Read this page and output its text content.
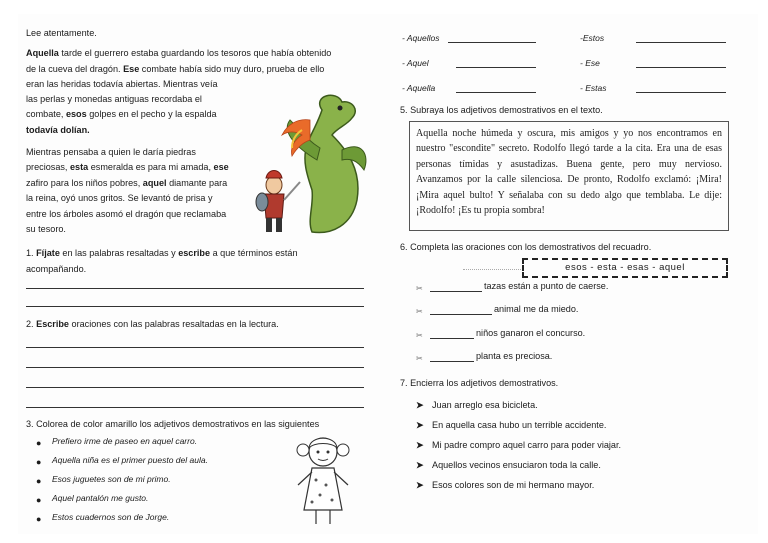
Lee atentamente.
Aquella tarde el guerrero estaba guardando los tesoros que había obtenido
de la cueva del dragón. Ese combate había sido muy duro, prueba de ello
eran las heridas todavía abiertas. Mientras veía
las perlas y monedas antiguas recordaba el
combate, esos golpes en el pecho y la espalda
todavía dolían.
Mientras pensaba a quien le daría piedras
preciosas, esta esmeralda es para mi amada, ese
zafiro para los niños pobres, aquel diamante para
la reina, oyó unos gritos. Se levantó de prisa y
entre los árboles asomó el dragón que reclamaba
su tesoro.
1. Fíjate en las palabras resaltadas y escribe a que términos están
acompañando.
2. Escribe oraciones con las palabras resaltadas en la lectura.
3. Colorea de color amarillo los adjetivos demostrativos en las siguientes
● Prefiero irme de paseo en aquel carro.
● Aquella niña es el primer puesto del aula.
● Esos juguetes son de mi primo.
● Aquel pantalón me gusto.
● Estos cuadernos son de Jorge.
- Aquellos	-Estos
- Aquel	- Ese
- Aquella	- Estas
5. Subraya los adjetivos demostrativos en el texto.
Aquella noche húmeda y oscura, mis amigos y yo nos encontramos en nuestro "escondite" secreto. Rodolfo llegó tarde a la cita. Era una de esas personas tímidas y asustadizas. Buena gente, pero muy nervioso. Avanzamos por la calle silenciosa. De pronto, Rodolfo exclamó: ¡Mira! ¡Mira aquel bulto! Y señalaba con su dedo algo que temblaba. Le dije: ¡Rodolfo! ¡Es tu propia sombra!
6. Completa las oraciones con los demostrativos del recuadro.
esos - esta - esas - aquel
✂	tazas están a punto de caerse.
✂	animal me da miedo.
✂	niños ganaron el concurso.
✂	planta es preciosa.
7. Encierra los adjetivos demostrativos.
➤ Juan arreglo esa bicicleta.
➤ En aquella casa hubo un terrible accidente.
➤ Mi padre compro aquel carro para poder viajar.
➤ Aquellos vecinos ensuciaron toda la calle.
➤ Esos colores son de mi hermano mayor.
